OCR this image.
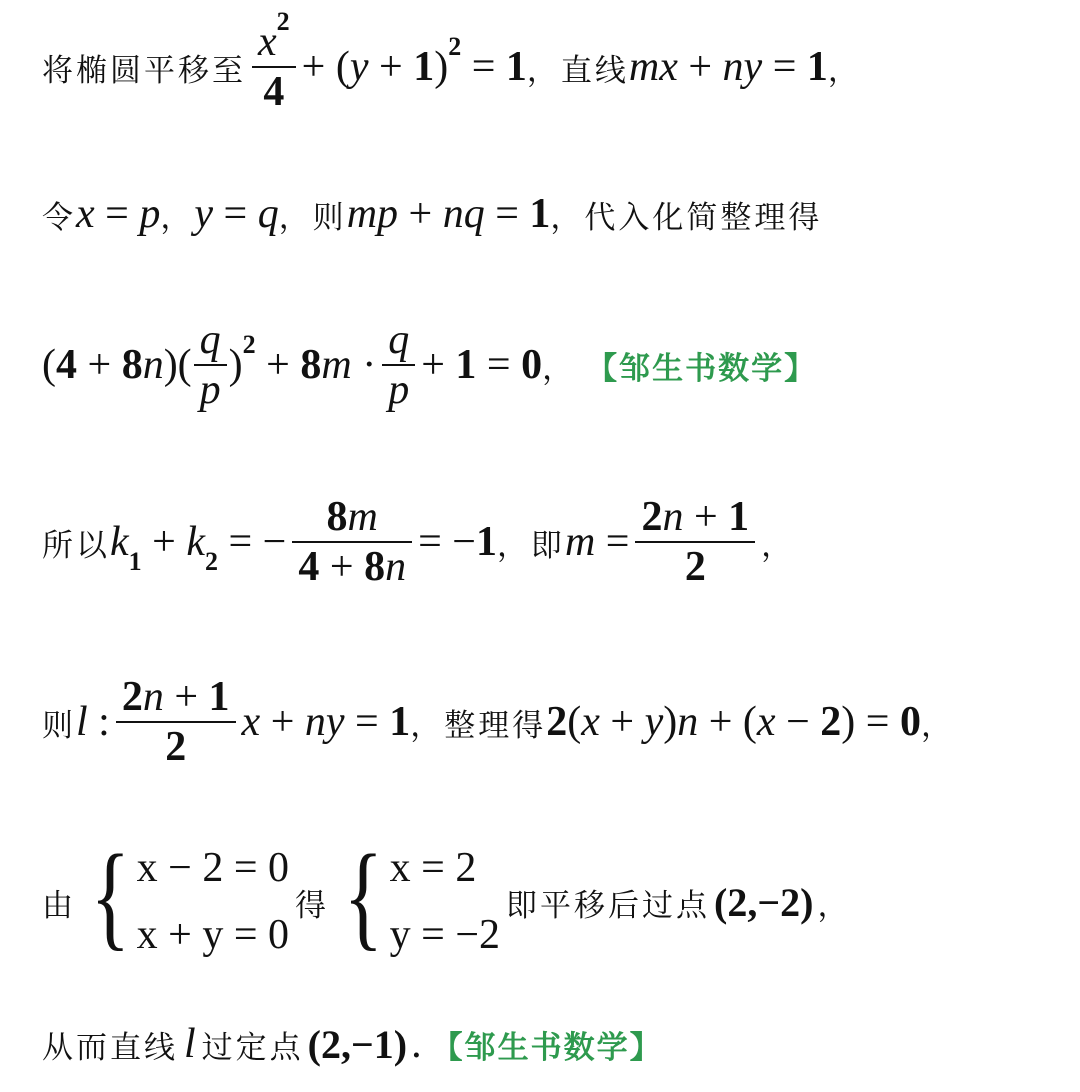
将椭圆平移至 $\frac{x^2}{4} + (y + 1)^2 = 1$ ，直线 mx + ny = 1 ，
令 x = p ， y = q ，则 mp + nq = 1 ，代入化简整理得
$(4 + 8n)( \frac{q}{p} )^2 + 8m \cdot \frac{q}{p} + 1 = 0$ ， 【邹生书数学】
所以 $k_1 + k_2$ = − $\frac{8m}{4 + 8n} = -1$ ，即 $m = \frac{2n + 1}{2}$ ，
则 l : $\frac{2n + 1}{2}$ x + ny = 1 ，整理得 2(x + y)n + (x − 2) = 0 ，
由 { x − 2 = 0
x + y = 0
得 { x = 2
y = −2
即平移后过点 (2,−2) ，
从而直线 l 过定点 (2,−1) . 【邹生书数学】
